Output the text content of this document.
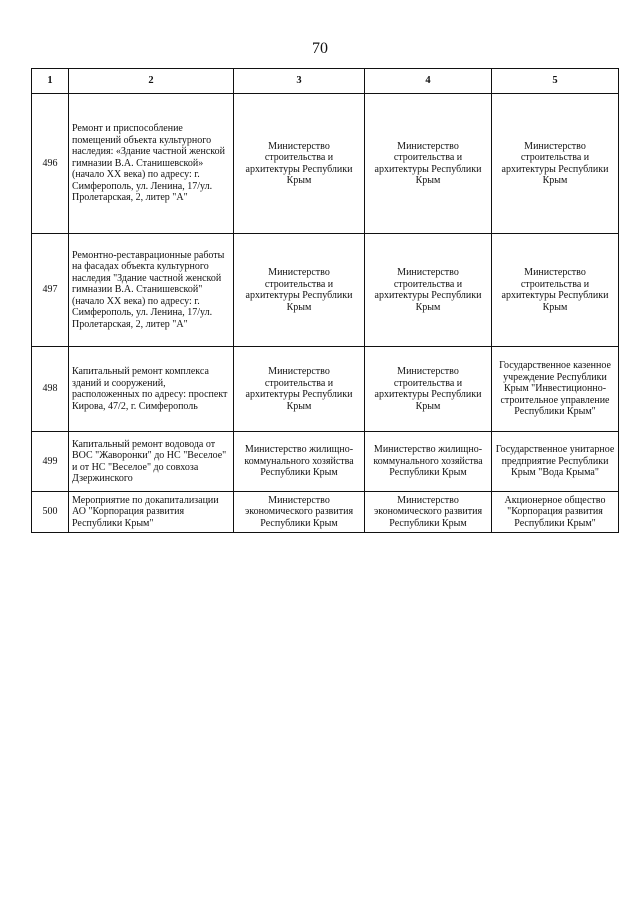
70
1	2	3	4	5
496	Ремонт и приспособление помещений объекта культурного наследия: «Здание частной женской гимназии В.А. Станишевской» (начало XX века) по адресу: г. Симферополь, ул. Ленина, 17/ул. Пролетарская, 2, литер "А"	Министерство строительства и архитектуры Республики Крым	Министерство строительства и архитектуры Республики Крым	Министерство строительства и архитектуры Республики Крым
497	Ремонтно-реставрационные работы на фасадах объекта культурного наследия "Здание частной женской гимназии В.А. Станишевской" (начало XX века) по адресу: г. Симферополь, ул. Ленина, 17/ул. Пролетарская, 2, литер "А"	Министерство строительства и архитектуры Республики Крым	Министерство строительства и архитектуры Республики Крым	Министерство строительства и архитектуры Республики Крым
498	Капитальный ремонт комплекса зданий и сооружений, расположенных по адресу: проспект Кирова, 47/2, г. Симферополь	Министерство строительства и архитектуры Республики Крым	Министерство строительства и архитектуры Республики Крым	Государственное казенное учреждение Республики Крым "Инвестиционно-строительное управление Республики Крым"
499	Капитальный ремонт водовода от ВОС "Жаворонки" до НС "Веселое" и от НС "Веселое" до совхоза Дзержинского	Министерство жилищно-коммунального хозяйства Республики Крым	Министерство жилищно-коммунального хозяйства Республики Крым	Государственное унитарное предприятие Республики Крым "Вода Крыма"
500	Мероприятие по докапитализации АО "Корпорация развития Республики Крым"	Министерство экономического развития Республики Крым	Министерство экономического развития Республики Крым	Акционерное общество "Корпорация развития Республики Крым"
